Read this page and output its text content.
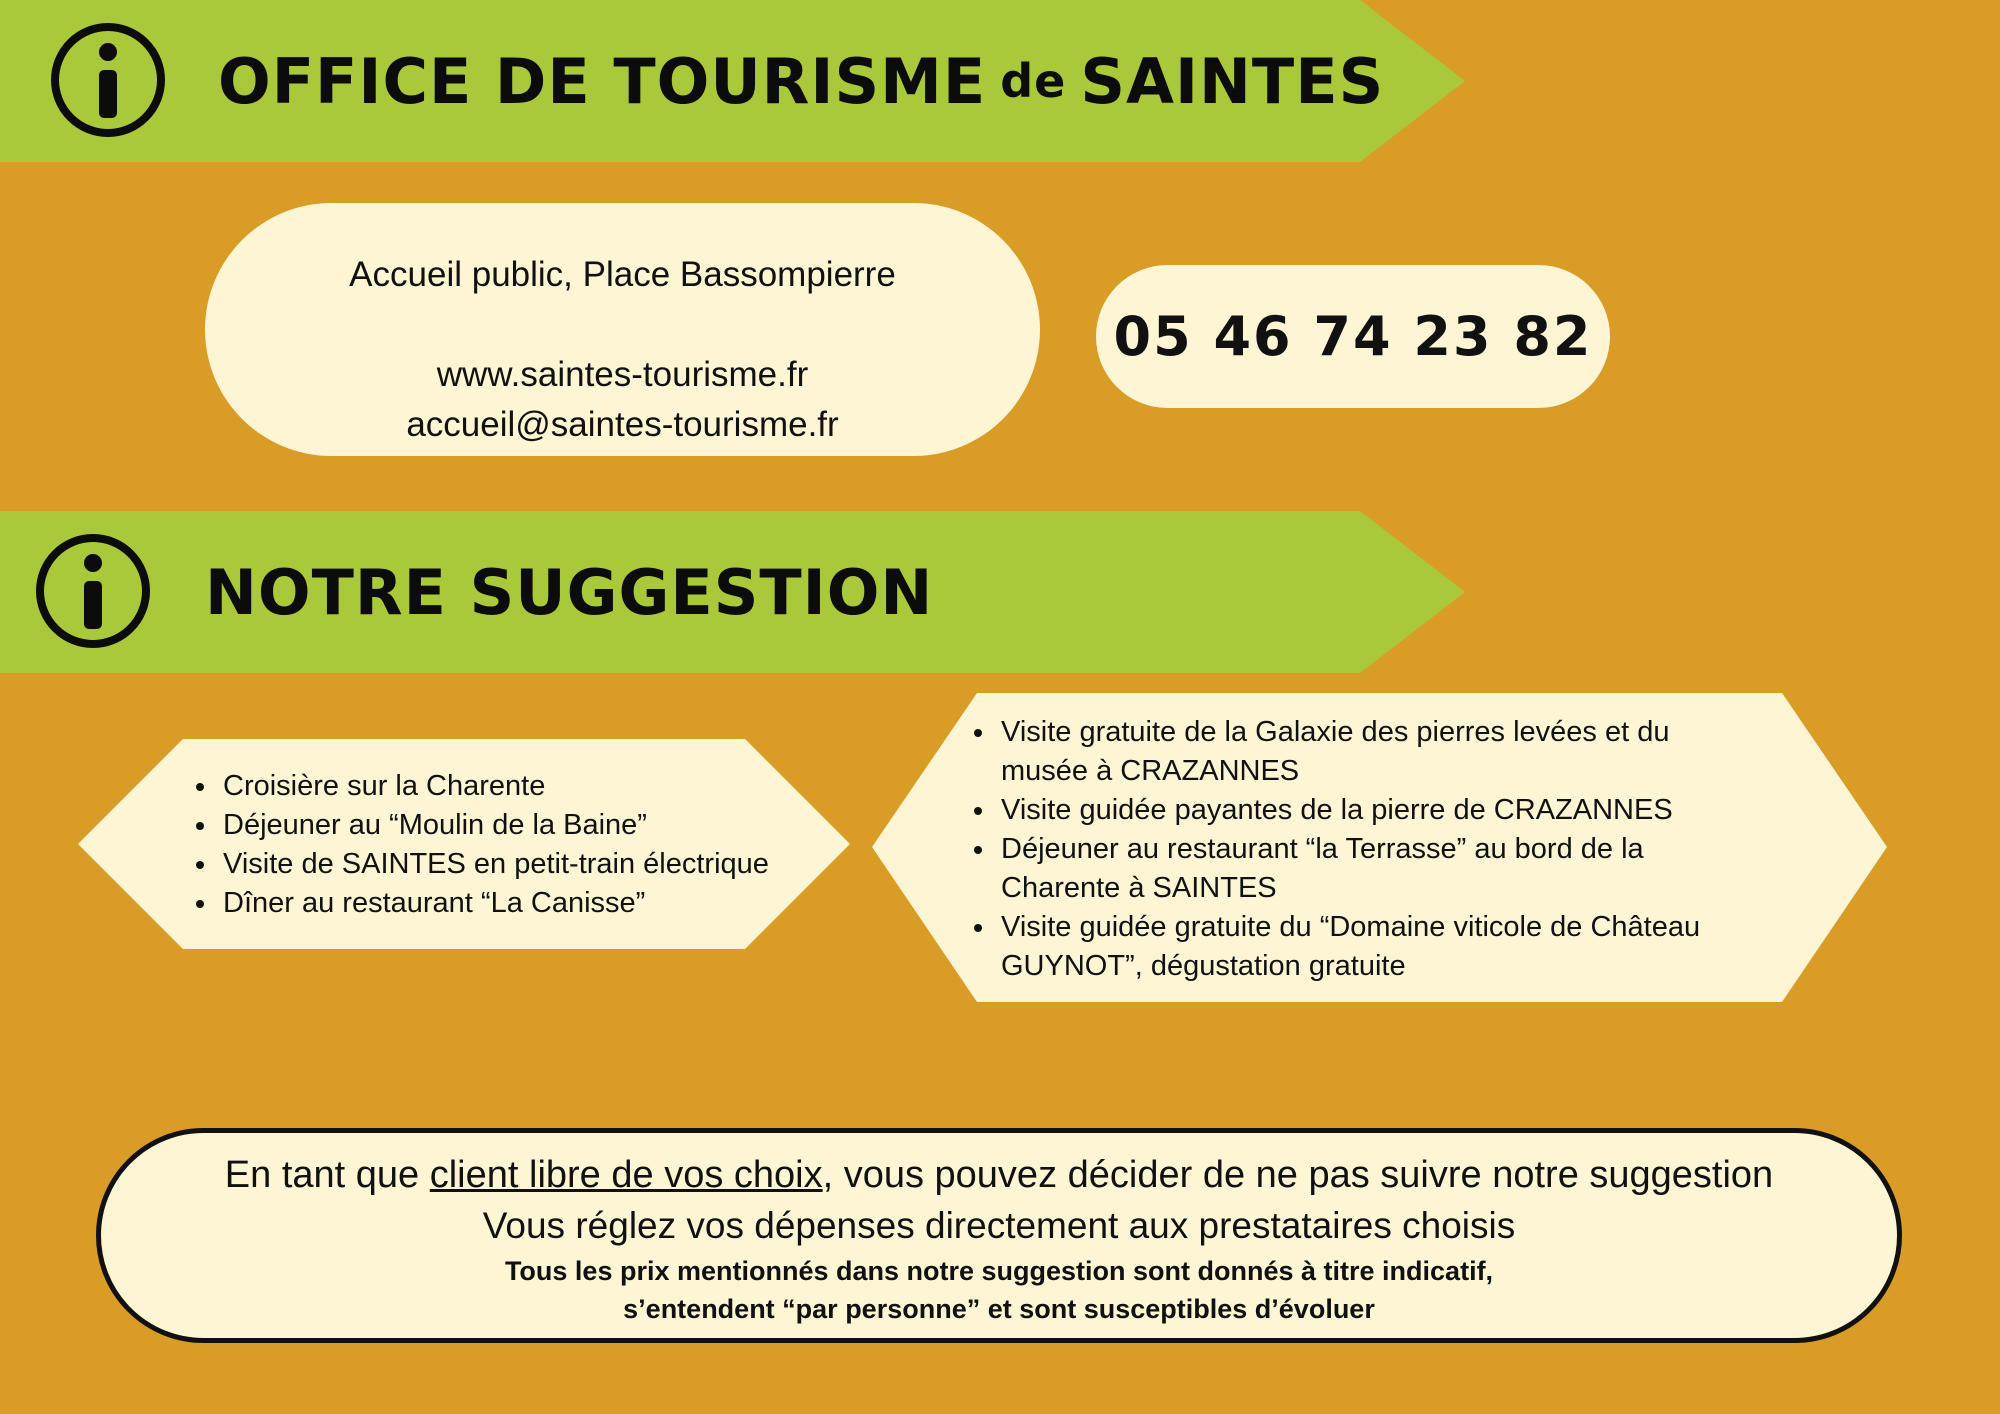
OFFICE DE TOURISME de SAINTES
Accueil public, Place Bassompierre
www.saintes-tourisme.fr
accueil@saintes-tourisme.fr
05 46 74 23 82
NOTRE SUGGESTION
• Croisière sur la Charente
• Déjeuner au “Moulin de la Baine”
• Visite de SAINTES en petit-train électrique
• Dîner au restaurant “La Canisse”
• Visite gratuite de la Galaxie des pierres levées et du musée à CRAZANNES
• Visite guidée payantes de la pierre de CRAZANNES
• Déjeuner au restaurant “la Terrasse” au bord de la Charente à SAINTES
• Visite guidée gratuite du “Domaine viticole de Château GUYNOT”, dégustation gratuite
En tant que client libre de vos choix, vous pouvez décider de ne pas suivre notre suggestion
Vous réglez vos dépenses directement aux prestataires choisis
Tous les prix mentionnés dans notre suggestion sont donnés à titre indicatif,
s’entendent “par personne” et sont susceptibles d’évoluer
